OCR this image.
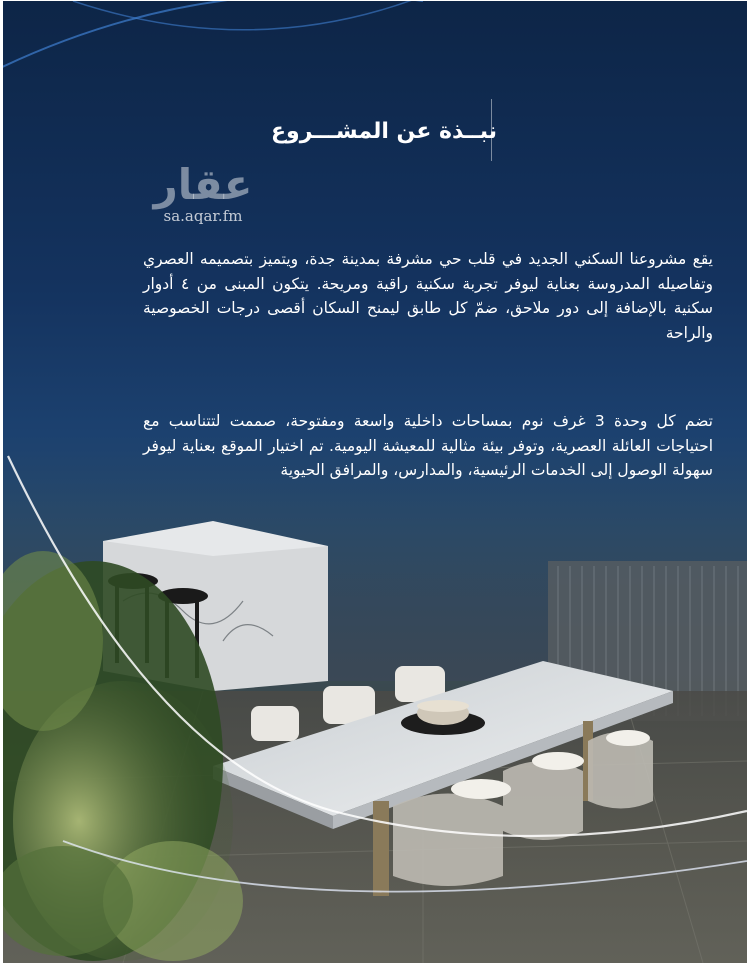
نبــذة عن المشـــروع
عقار
sa.aqar.fm
يقع مشروعنا السكني الجديد في قلب حي مشرفة بمدينة جدة، ويتميز بتصميمه العصري وتفاصيله المدروسة بعناية ليوفر تجربة سكنية راقية ومريحة. يتكون المبنى من ٤ أدوار سكنية بالإضافة إلى دور ملاحق، ضمّ كل طابق ليمنح السكان أقصى درجات الخصوصية والراحة
تضم كل وحدة 3 غرف نوم بمساحات داخلية واسعة ومفتوحة، صممت لتتناسب مع احتياجات العائلة العصرية، وتوفر بيئة مثالية للمعيشة اليومية. تم اختيار الموقع بعناية ليوفر سهولة الوصول إلى الخدمات الرئيسية، والمدارس، والمرافق الحيوية
